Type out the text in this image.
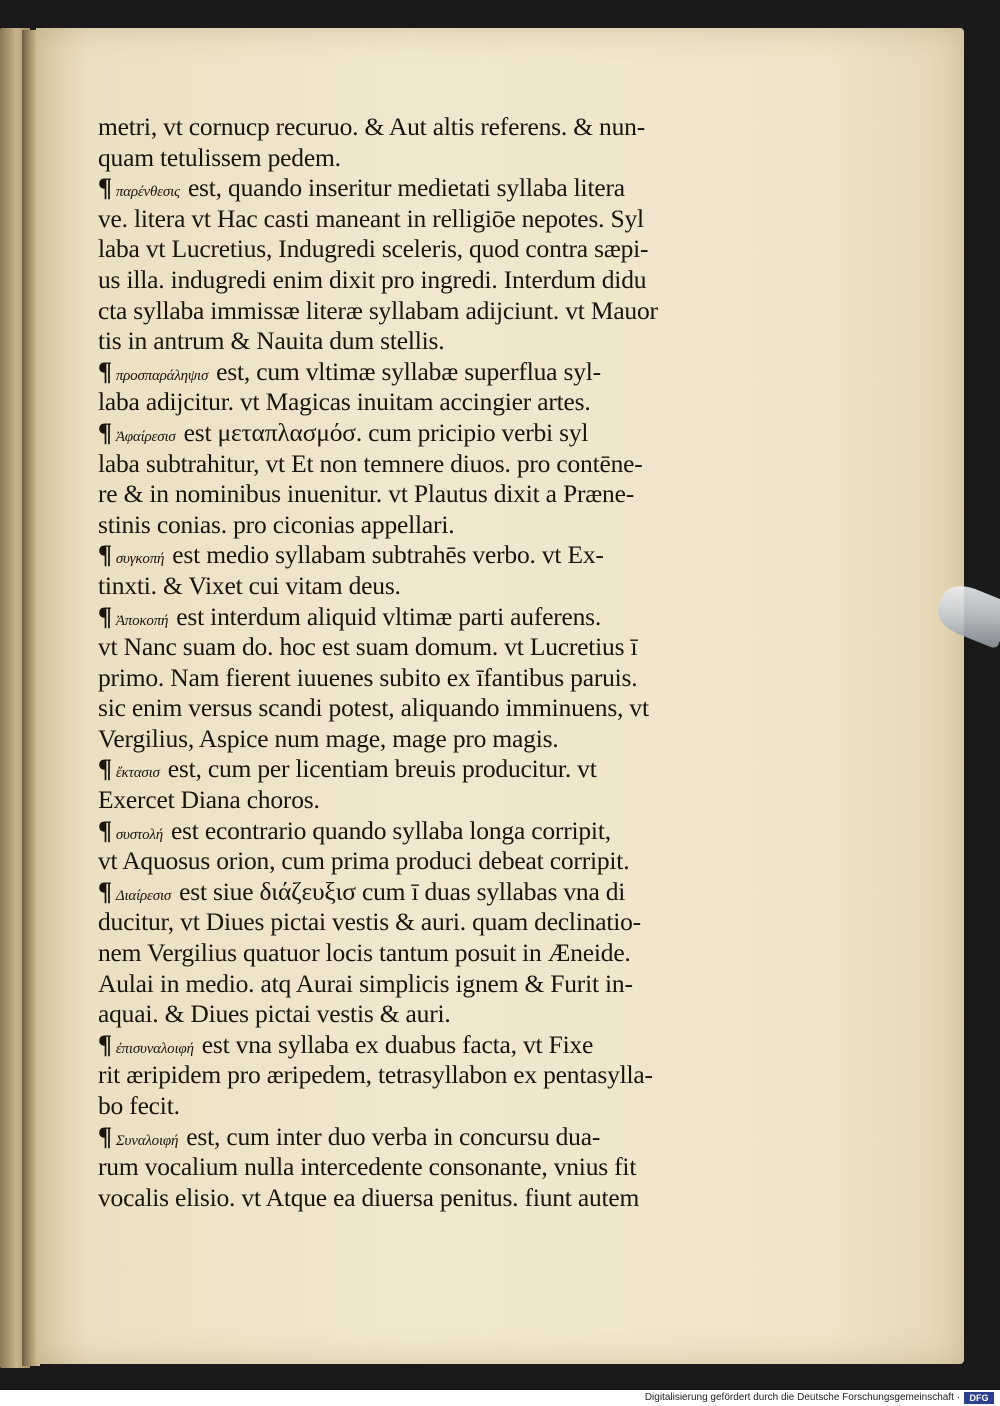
metri, vt cornucp recuruo. & Aut altis referens. & nun-
quam tetulissem pedem.
¶ παρένθεσις est, quando inseritur medietati syllaba litera
ve. litera vt Hac casti maneant in relligiōe nepotes. Syl
laba vt Lucretius, Indugredi sceleris, quod contra sæpi-
us illa. indugredi enim dixit pro ingredi. Interdum didu
cta syllaba immissæ literæ syllabam adijciunt. vt Mauor
tis in antrum & Nauita dum stellis.
¶ προσπαράληψισ est, cum vltimæ syllabæ superflua syl-
laba adijcitur. vt Magicas inuitam accingier artes.
¶ Ἀφαίρεσισ est μεταπλασμόσ. cum pricipio verbi syl
laba subtrahitur, vt Et non temnere diuos. pro contēne-
re & in nominibus inuenitur. vt Plautus dixit a Præne-
stinis conias. pro ciconias appellari.
¶ συγκοπή est medio syllabam subtrahēs verbo. vt Ex-
tinxti. & Vixet cui vitam deus.
¶ Ἀποκοπή est interdum aliquid vltimæ parti auferens.
vt Nanc suam do. hoc est suam domum. vt Lucretius ī
primo. Nam fierent iuuenes subito ex īfantibus paruis.
sic enim versus scandi potest, aliquando imminuens, vt
Vergilius, Aspice num mage, mage pro magis.
¶ ἔκτασισ est, cum per licentiam breuis producitur. vt
Exercet Diana choros.
¶ συστολή est econtrario quando syllaba longa corripit,
vt Aquosus orion, cum prima produci debeat corripit.
¶ Διαίρεσισ est siue διάζευξισ cum ī duas syllabas vna di
ducitur, vt Diues pictai vestis & auri. quam declinatio-
nem Vergilius quatuor locis tantum posuit in Æneide.
Aulai in medio. atq Aurai simplicis ignem & Furit in-
aquai. & Diues pictai vestis & auri.
¶ ἐπισυναλοιφή est vna syllaba ex duabus facta, vt Fixe
rit æripidem pro æripedem, tetrasyllabon ex pentasylla-
bo fecit.
¶ Συναλοιφή est, cum inter duo verba in concursu dua-
rum vocalium nulla intercedente consonante, vnius fit
vocalis elisio. vt Atque ea diuersa penitus. fiunt autem
Digitalisierung gefördert durch die Deutsche Forschungsgemeinschaft ·	DFG
